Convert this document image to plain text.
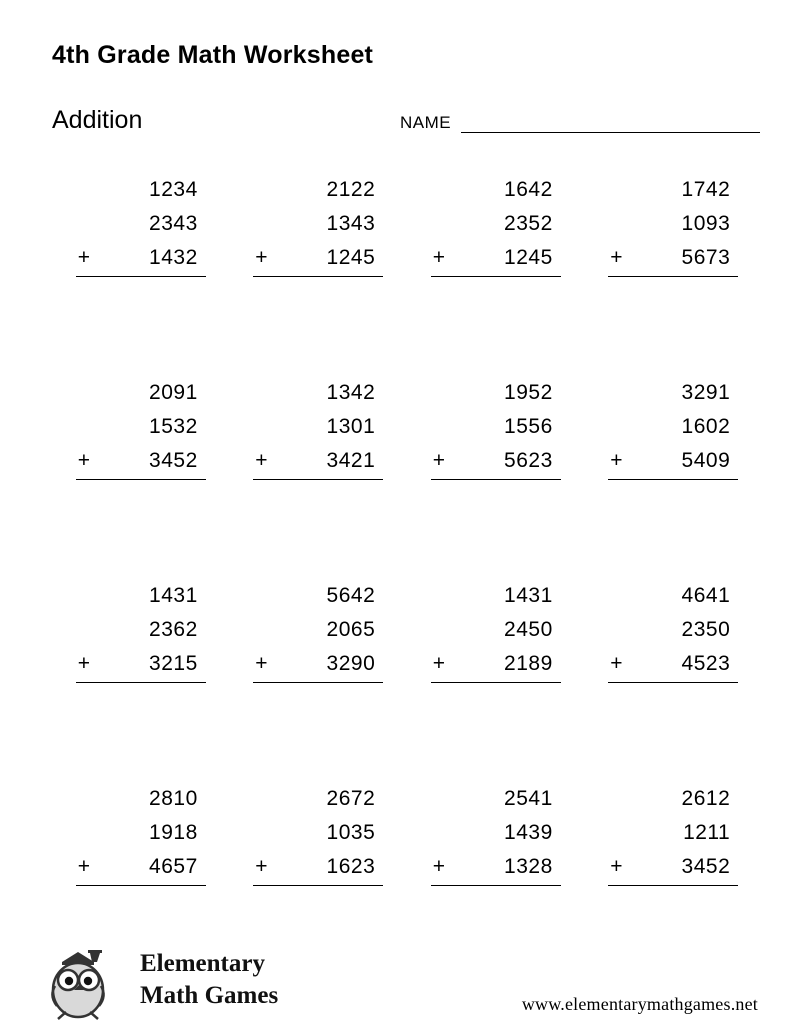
4th Grade Math Worksheet
Addition	NAME
1234
2343
+	1432
2122
1343
+	1245
1642
2352
+	1245
1742
1093
+	5673
2091
1532
+	3452
1342
1301
+	3421
1952
1556
+	5623
3291
1602
+	5409
1431
2362
+	3215
5642
2065
+	3290
1431
2450
+	2189
4641
2350
+	4523
2810
1918
+	4657
2672
1035
+	1623
2541
1439
+	1328
2612
1211
+	3452
Elementary
Math Games	www.elementarymathgames.net
